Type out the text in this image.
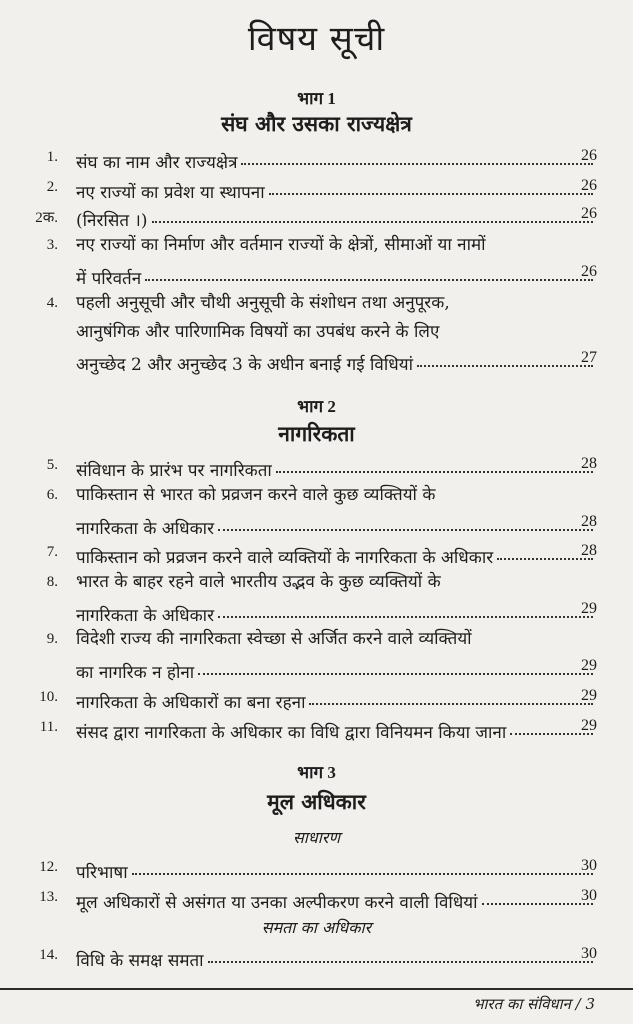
विषय सूची
भाग 1
संघ और उसका राज्यक्षेत्र
1. संघ का नाम और राज्यक्षेत्र	26
2. नए राज्यों का प्रवेश या स्थापना	26
2क. (निरसित ।)	26
3. नए राज्यों का निर्माण और वर्तमान राज्यों के क्षेत्रों, सीमाओं या नामों
में परिवर्तन	26
4. पहली अनुसूची और चौथी अनुसूची के संशोधन तथा अनुपूरक,
आनुषंगिक और पारिणामिक विषयों का उपबंध करने के लिए
अनुच्छेद 2 और अनुच्छेद 3 के अधीन बनाई गई विधियां	27
भाग 2
नागरिकता
5. संविधान के प्रारंभ पर नागरिकता	28
6. पाकिस्तान से भारत को प्रव्रजन करने वाले कुछ व्यक्तियों के
नागरिकता के अधिकार	28
7. पाकिस्तान को प्रव्रजन करने वाले व्यक्तियों के नागरिकता के अधिकार	28
8. भारत के बाहर रहने वाले भारतीय उद्भव के कुछ व्यक्तियों के
नागरिकता के अधिकार	29
9. विदेशी राज्य की नागरिकता स्वेच्छा से अर्जित करने वाले व्यक्तियों
का नागरिक न होना	29
10. नागरिकता के अधिकारों का बना रहना	29
11. संसद द्वारा नागरिकता के अधिकार का विधि द्वारा विनियमन किया जाना	29
भाग 3
मूल अधिकार
साधारण
12. परिभाषा	30
13. मूल अधिकारों से असंगत या उनका अल्पीकरण करने वाली विधियां	30
समता का अधिकार
14. विधि के समक्ष समता	30
भारत का संविधान / 3
